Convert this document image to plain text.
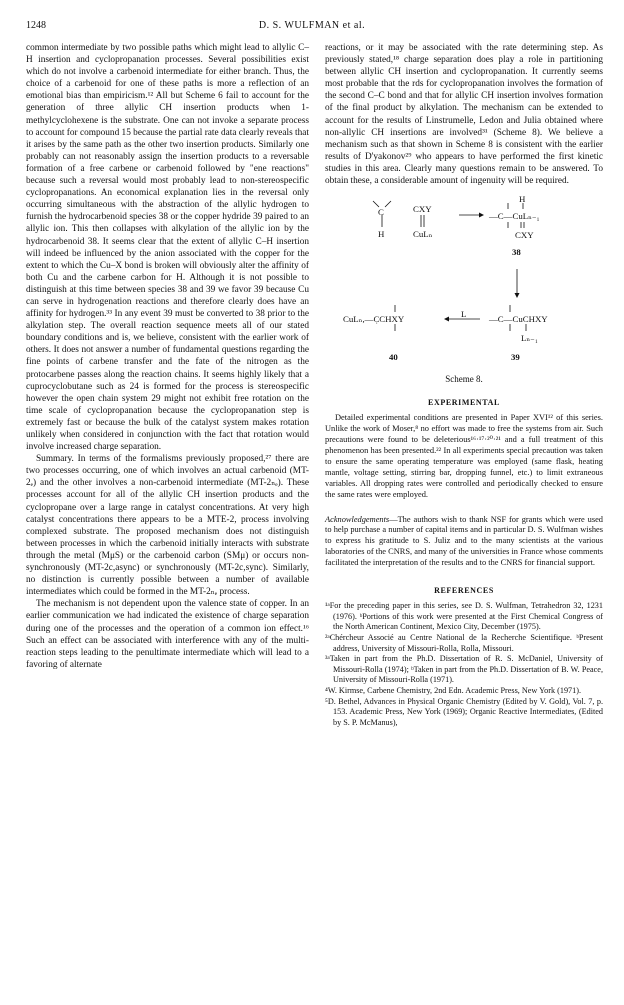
1248	D. S. WULFMAN et al.

common intermediate by two possible paths which might lead to allylic C–H insertion and cyclopropanation processes. Several possibilities exist which do not involve a carbenoid intermediate for either branch. Thus, the choice of a carbenoid for one of these paths is more a reflection of an emotional bias than empiricism.¹² All but Scheme 6 fail to account for the generation of three allylic CH insertion products when 1-methylcyclohexene is the substrate. One can not invoke a separate process to account for compound 15 because the partial rate data clearly reveals that it arises by the same path as the other two insertion products. Similarly one probably can not reasonably assign the insertion products to a reversable formation of a free carbene or carbenoid followed by "ene reactions" because such a reversal would most probably lead to non-stereospecific cyclopropanations. An economical explanation lies in the reversal only occurring simultaneous with the abstraction of the allylic hydrogen to furnish the hydrocarbenoid species 38 or the copper hydride 39 paired to an allylic ion. This then collapses with alkylation of the allylic ion by the hydrocarbenoid 38. It seems clear that the extent of allylic C–H insertion will indeed be influenced by the anion associated with the copper for the extent to which the Cu–X bond is broken will obviously alter the affinity of both Cu and the carbene carbon for H. Although it is not possible to distinguish at this time between species 38 and 39 we favor 39 because Cu can serve in hydrogenation reactions and therefore clearly does have an affinity for hydrogen.³³ In any event 39 must be converted to 38 prior to the alkylation step. The overall reaction sequence meets all of our stated boundary conditions and is, we believe, consistent with the earlier work of others. It does not answer a number of fundamental questions regarding the fine points of carbene transfer and the fate of the nitrogen as the protocarbene passes along the reaction chains. It seems highly likely that a cuprocyclobutane such as 24 is formed for the process is stereospecific however the open chain system 29 might not exhibit free rotation on the time scale of cyclopropanation because the cyclopropanation step is extremely fast or because the bulk of the catalyst system makes rotation unlikely when considered in conjunction with the fact that rotation would involve increased charge separation.

Summary. In terms of the formalisms previously proposed,²⁷ there are two processes occurring, one of which involves an actual carbenoid (MT-2ₑ) and the other involves a non-carbenoid intermediate (MT-2ₙₑ). These processes account for all of the allylic CH insertion products and the cyclopropane over a large range in catalyst concentrations. At very high catalyst concentrations there appears to be a MTE-2, process involving complexed substrate. The proposed mechanism does not distinguish between processes in which the carbenoid initially interacts with substrate through the metal (MμS) or the carbenoid carbon (SMμ) or occurs non-synchronously (MT-2c,async) or synchronously (MT-2c,sync). Similarly, no distinction is currently possible between a number of available intermediates which could be formed in the MT-2ₙₑ process.

The mechanism is not dependent upon the valence state of copper. In an earlier communication we had indicated the existence of charge separation during one of the processes and the operation of a common ion effect.¹⁶ Such an effect can be associated with interference with any of the multi-reaction steps leading to the penultimate intermediate which will lead to a favoring of alternate

reactions, or it may be associated with the rate determining step. As previously stated,¹⁸ charge separation does play a role in partitioning between allylic CH insertion and cyclopropanation. It currently seems most probable that the rds for cyclopropanation involves the formation of the second C–C bond and that for allylic CH insertion involves formation of the final product by alkylation. The mechanism can be extended to account for the results of Linstrumelle, Ledon and Julia obtained where non-allylic CH insertions are involved³¹ (Scheme 8). We believe a mechanism such as that shown in Scheme 8 is consistent with the earlier results of D'yakonov²⁹ who appears to have performed the first kinetic studies in this area. Clearly many questions remain to be answered. To obtain these, a considerable amount of ingenuity will be required.

C
H
CXY
CuLₙ
H
—C—CuLₙ₋₁
CXY
38
CuLₙ,—C̣CHXY	L	—C—CuCHXY
Lₙ₋₁
40	39
Scheme 8.
EXPERIMENTAL

Detailed experimental conditions are presented in Paper XVI¹² of this series. Unlike the work of Moser,⁸ no effort was made to free the systems from air. Such precautions were found to be deleterious¹⁶·¹⁷·²⁰·²¹ and a full treatment of this phenomenon has been presented.²² In all experiments special precaution was taken to ensure the same operating temperature was employed (same flask, heating mantle, voltage setting, stirring bar, dropping funnel, etc.) to limit extraneous variables. All dropping rates were controlled and periodically checked to ensure the same rates were employed.

Acknowledgements—The authors wish to thank NSF for grants which were used to help purchase a number of capital items and in particular D. S. Wulfman wishes to express his gratitude to S. Juliz and to the many scientists at the various laboratories of the CNRS, and many of the universities in France whose comments facilitated the interpretation of the results and to the CNRS for financial support.

REFERENCES

¹ᵃFor the preceding paper in this series, see D. S. Wulfman, Tetrahedron 32, 1231 (1976). ᵇPortions of this work were presented at the First Chemical Congress of the North American Continent, Mexico City, December (1975).

²ᵃChércheur Associé au Centre National de la Recherche Scientifique. ᵇPresent address, University of Missouri-Rolla, Rolla, Missouri.

³ᵃTaken in part from the Ph.D. Dissertation of R. S. McDaniel, University of Missouri-Rolla (1974); ᵇTaken in part from the Ph.D. Dissertation of B. W. Peace, University of Missouri-Rolla (1971).

⁴W. Kirmse, Carbene Chemistry, 2nd Edn. Academic Press, New York (1971).

⁵D. Bethel, Advances in Physical Organic Chemistry (Edited by V. Gold), Vol. 7, p. 153. Academic Press, New York (1969); Organic Reactive Intermediates, (Edited by S. P. McManus),
